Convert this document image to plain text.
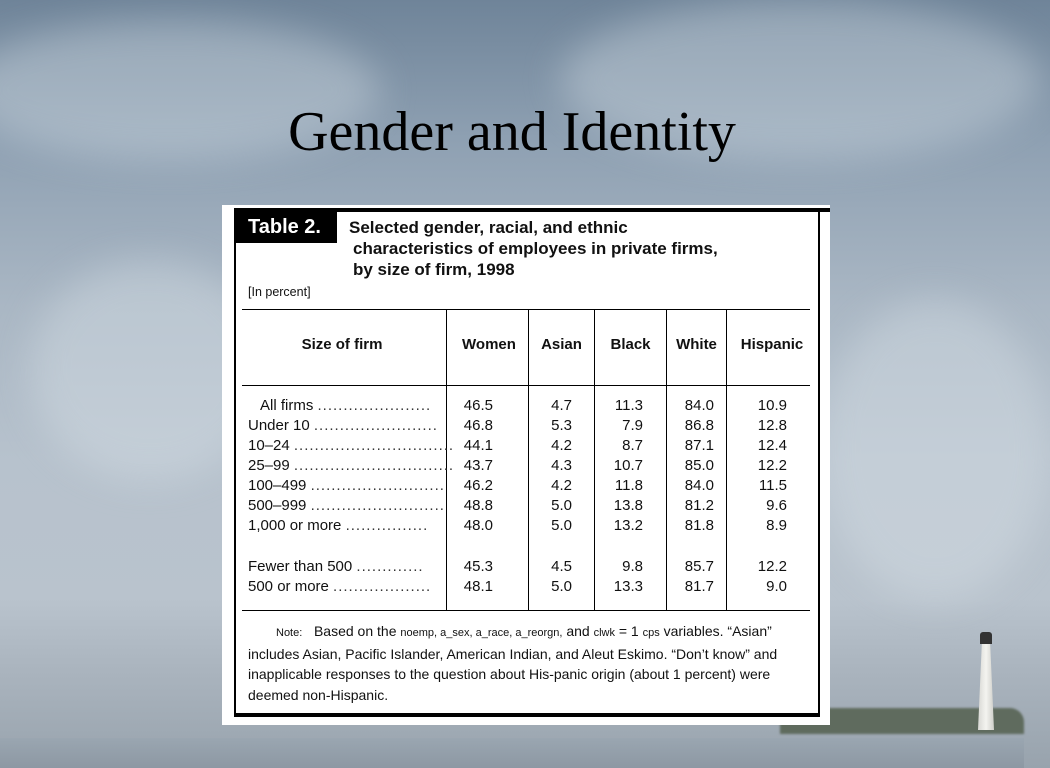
Gender and Identity
Table 2.	Selected gender, racial, and ethnic
characteristics of employees in private firms,
by size of firm, 1998
[In percent]
Size of firm	Women	Asian	Black	White	Hispanic
All firms ......................	46.5	4.7	11.3	84.0	10.9
Under 10 ........................	46.8	5.3	7.9	86.8	12.8
10–24 ............................... 44.1	4.2	8.7	87.1	12.4
25–99 ............................... 43.7	4.3	10.7	85.0	12.2
100–499 ..........................	46.2	4.2	11.8	84.0	11.5
500–999 ..........................	48.8	5.0	13.8	81.2	9.6
1,000 or more ................	48.0	5.0	13.2	81.8	8.9
Fewer than 500 .............	45.3	4.5	9.8	85.7	12.2
500 or more ...................	48.1	5.0	13.3	81.7	9.0
Note: Based on the noemp, a_sex, a_race, a_reorgn, and clwk = 1 cps variables. “Asian” includes Asian, Pacific Islander, American Indian, and Aleut Eskimo. “Don’t know” and inapplicable responses to the question about His-panic origin (about 1 percent) were deemed non-Hispanic.
